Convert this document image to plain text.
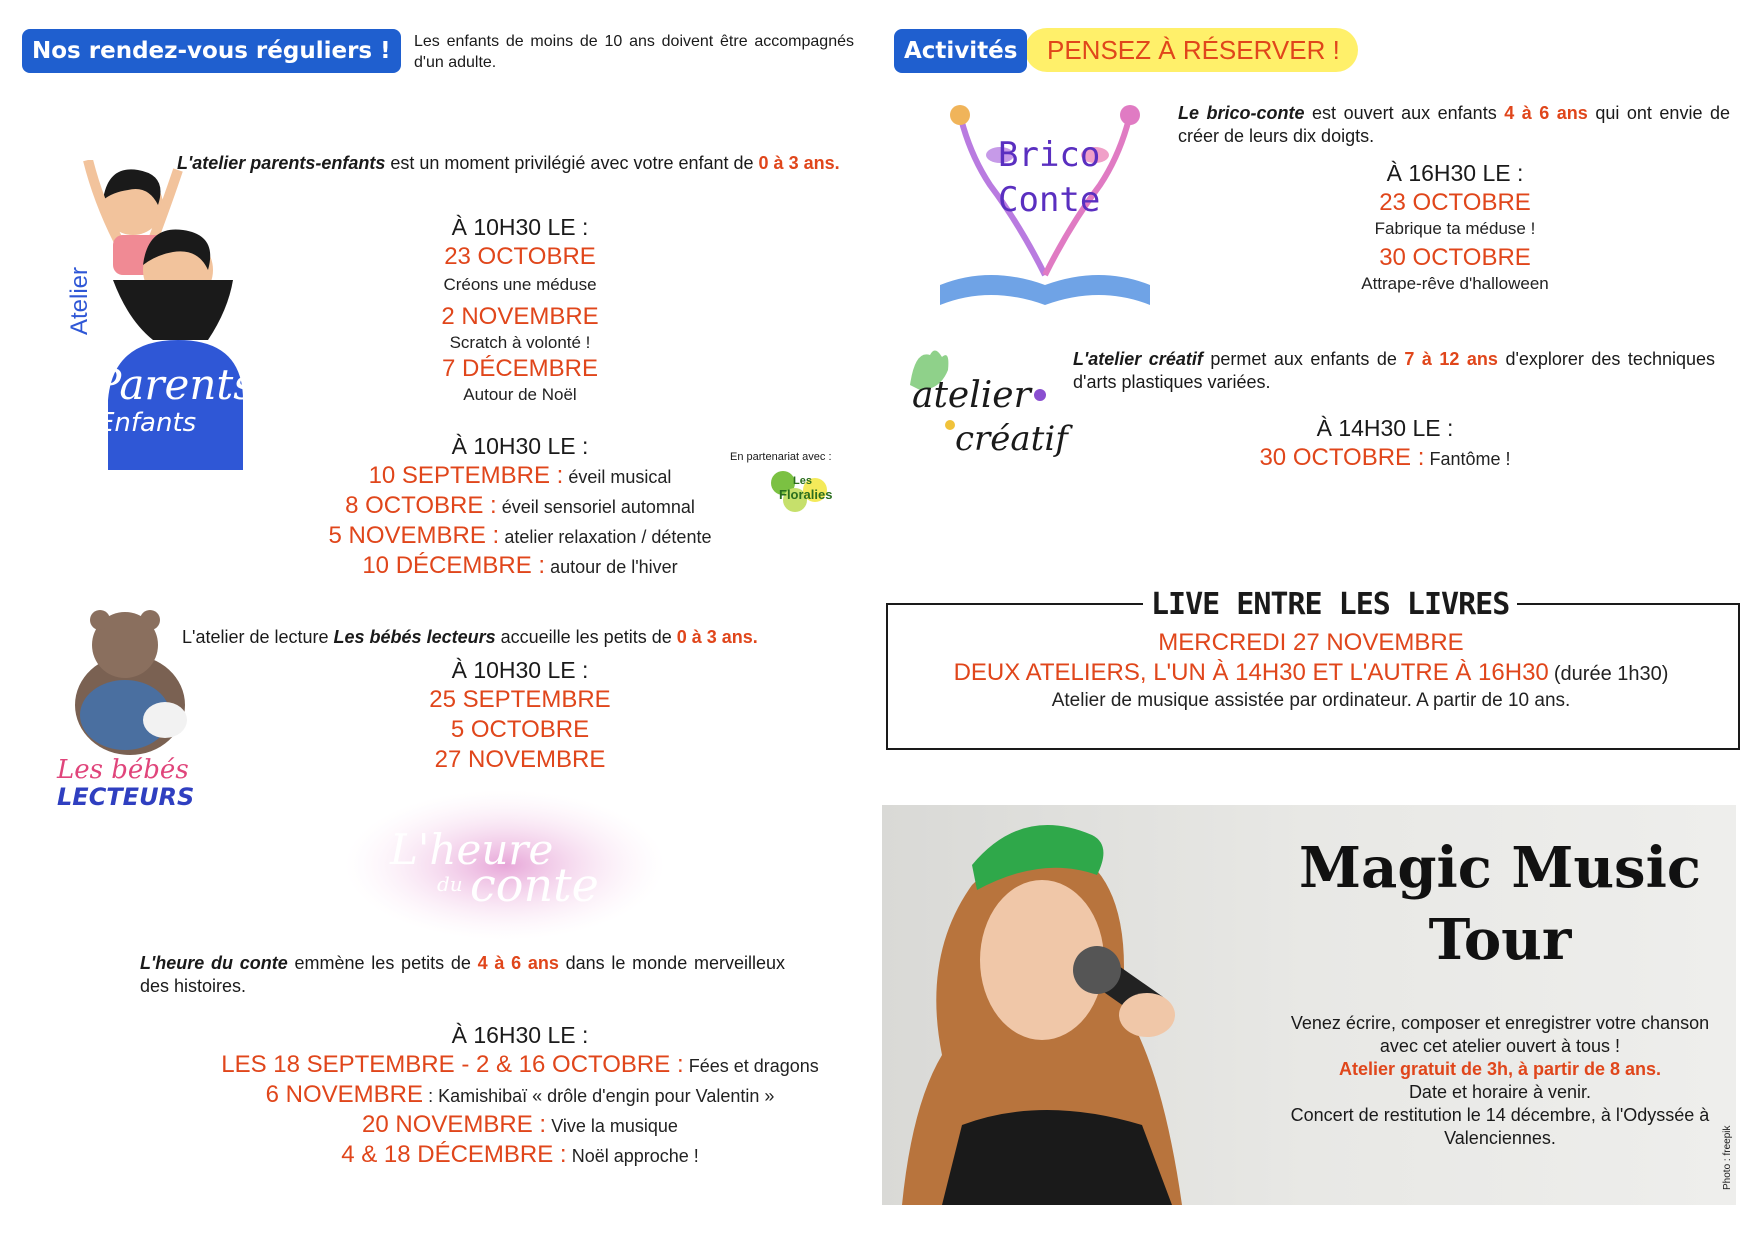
Nos rendez-vous réguliers !	Les enfants de moins de 10 ans doivent être accompagnés d'un adulte.
Atelier
Parents
Enfants
L'atelier parents-enfants est un moment privilégié avec votre enfant de 0 à 3 ans.
À 10H30 LE :
23 OCTOBRE
Créons une méduse
2 NOVEMBRE
Scratch à volonté !
7 DÉCEMBRE
Autour de Noël
À 10H30 LE :
10 SEPTEMBRE : éveil musical
8 OCTOBRE : éveil sensoriel automnal
5 NOVEMBRE : atelier relaxation / détente
10 DÉCEMBRE : autour de l'hiver
En partenariat avec :
Les
Floralies
Les bébés
LECTEURS
L'atelier de lecture Les bébés lecteurs accueille les petits de 0 à 3 ans.
À 10H30 LE :
25 SEPTEMBRE
5 OCTOBRE
27 NOVEMBRE
L'heure
du conte
L'heure du conte emmène les petits de 4 à 6 ans dans le monde merveilleux des histoires.
À 16H30 LE :
LES 18 SEPTEMBRE - 2 & 16 OCTOBRE : Fées et dragons
6 NOVEMBRE : Kamishibaï « drôle d'engin pour Valentin »
20 NOVEMBRE : Vive la musique
4 & 18 DÉCEMBRE : Noël approche !
PENSEZ À RÉSERVER !
Activités
Brico
Conte
Le brico-conte est ouvert aux enfants 4 à 6 ans qui ont envie de créer de leurs dix doigts.
À 16H30 LE :
23 OCTOBRE
Fabrique ta méduse !
30 OCTOBRE
Attrape-rêve d'halloween
atelier
créatif
L'atelier créatif permet aux enfants de 7 à 12 ans d'explorer des techniques d'arts plastiques variées.
À 14H30 LE :
30 OCTOBRE : Fantôme !
LIVE ENTRE LES LIVRES
MERCREDI 27 NOVEMBRE
DEUX ATELIERS, L'UN À 14H30 ET L'AUTRE À 16H30 (durée 1h30)
Atelier de musique assistée par ordinateur. A partir de 10 ans.
Magic Music
Tour
Venez écrire, composer et enregistrer votre chanson avec cet atelier ouvert à tous !
Atelier gratuit de 3h, à partir de 8 ans.
Date et horaire à venir.
Concert de restitution le 14 décembre, à l'Odyssée à Valenciennes.	Photo : freepik
